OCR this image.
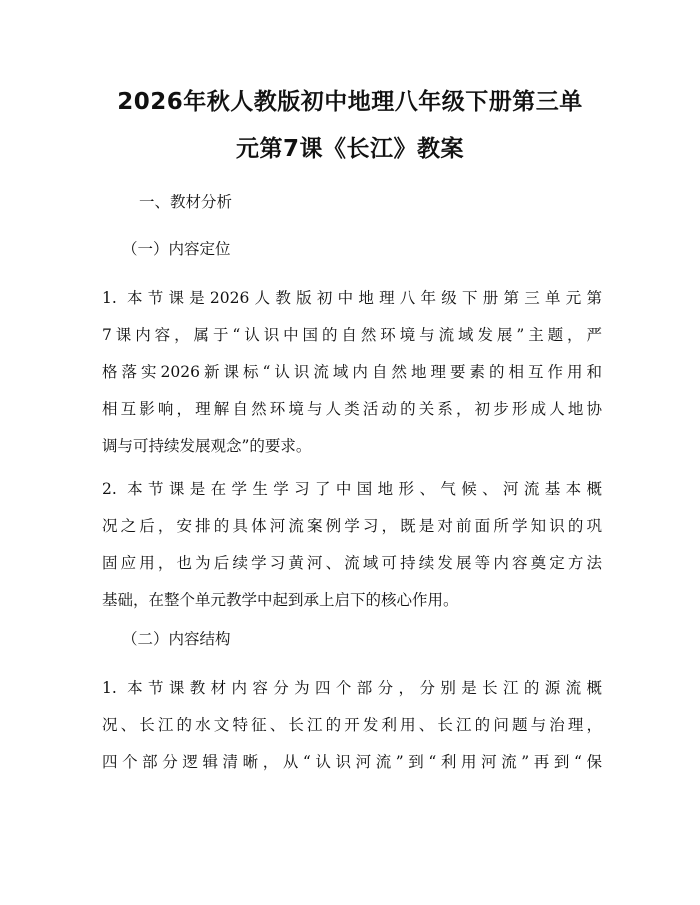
2026年秋人教版初中地理八年级下册第三单
元第7课《长江》教案
一、教材分析
（一）内容定位
1. 本节课是2026人教版初中地理八年级下册第三单元第
7课内容，属于“认识中国的自然环境与流域发展”主题，严
格落实2026新课标“认识流域内自然地理要素的相互作用和
相互影响，理解自然环境与人类活动的关系，初步形成人地协
调与可持续发展观念”的要求。
2. 本节课是在学生学习了中国地形、气候、河流基本概
况之后，安排的具体河流案例学习，既是对前面所学知识的巩
固应用，也为后续学习黄河、流域可持续发展等内容奠定方法
基础，在整个单元教学中起到承上启下的核心作用。
（二）内容结构
1. 本节课教材内容分为四个部分，分别是长江的源流概
况、长江的水文特征、长江的开发利用、长江的问题与治理，
四个部分逻辑清晰，从“认识河流”到“利用河流”再到“保
